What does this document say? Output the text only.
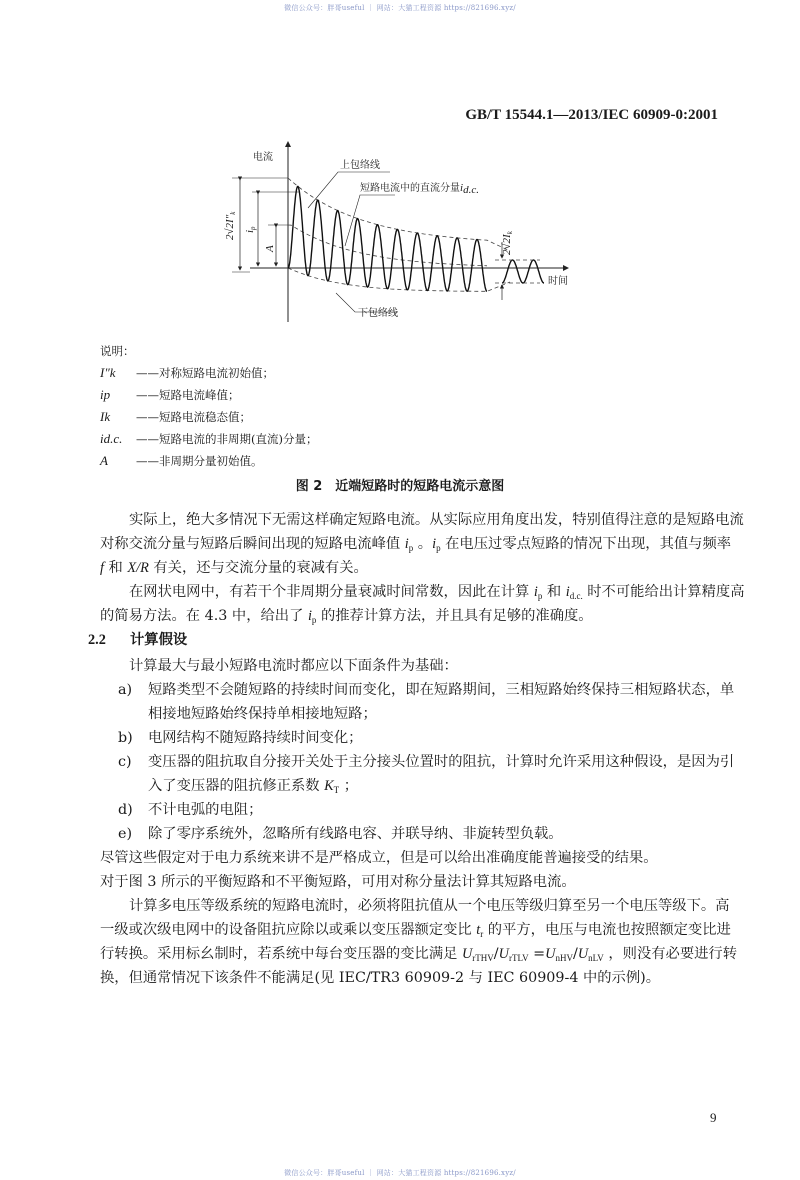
微信公众号：胖哥useful ｜ 网站：大猫工程资源 https://821696.xyz/
GB/T 15544.1—2013/IEC 60909-0:2001
电流
时间
上包络线
短路电流中的直流分量id.c.
下包络线
2√2I″k
ip
A	2√2Ik
说明：
I″k ——对称短路电流初始值；
ip ——短路电流峰值；
Ik ——短路电流稳态值；
id.c. ——短路电流的非周期(直流)分量；
A ——非周期分量初始值。
图 2　近端短路时的短路电流示意图
实际上，绝大多情况下无需这样确定短路电流。从实际应用角度出发，特别值得注意的是短路电流
对称交流分量与短路后瞬间出现的短路电流峰值 $i_p$ 。$i_p$ 在电压过零点短路的情况下出现，其值与频率
f 和 X/R 有关，还与交流分量的衰减有关。
在网状电网中，有若干个非周期分量衰减时间常数，因此在计算 $i_p$ 和 $i_{d.c.}$ 时不可能给出计算精度高
的简易方法。在 4.3 中，给出了 $i_p$ 的推荐计算方法，并且具有足够的准确度。
2.2 计算假设
计算最大与最小短路电流时都应以下面条件为基础：
a) 短路类型不会随短路的持续时间而变化，即在短路期间，三相短路始终保持三相短路状态，单
相接地短路始终保持单相接地短路；
b) 电网结构不随短路持续时间变化；
c) 变压器的阻抗取自分接开关处于主分接头位置时的阻抗，计算时允许采用这种假设，是因为引
入了变压器的阻抗修正系数 $K_T$ ；
d) 不计电弧的电阻；
e) 除了零序系统外，忽略所有线路电容、并联导纳、非旋转型负载。
尽管这些假定对于电力系统来讲不是严格成立，但是可以给出准确度能普遍接受的结果。
对于图 3 所示的平衡短路和不平衡短路，可用对称分量法计算其短路电流。
计算多电压等级系统的短路电流时，必须将阻抗值从一个电压等级归算至另一个电压等级下。高
一级或次级电网中的设备阻抗应除以或乘以变压器额定变比 $t_r$ 的平方，电压与电流也按照额定变比进
行转换。采用标幺制时，若系统中每台变压器的变比满足 $U_{rTHV}/U_{rTLV} =U_{nHV}/U_{nLV}$ ，则没有必要进行转
换，但通常情况下该条件不能满足(见 IEC/TR3 60909-2 与 IEC 60909-4 中的示例)。
9
微信公众号：胖哥useful ｜ 网站：大猫工程资源 https://821696.xyz/
